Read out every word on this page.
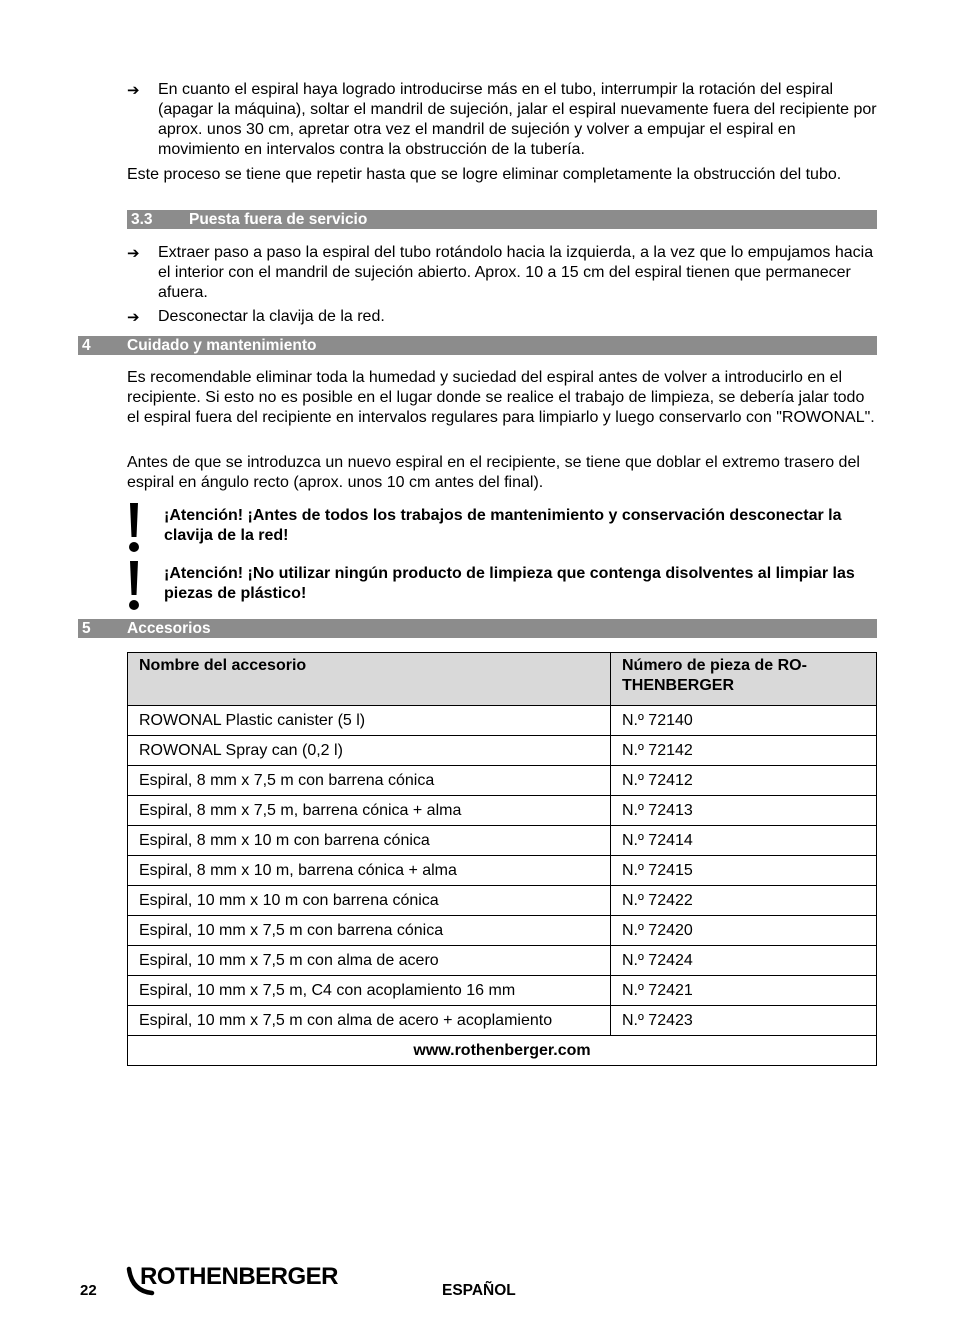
➔ En cuanto el espiral haya logrado introducirse más en el tubo, interrumpir la rotación del espiral (apagar la máquina), soltar el mandril de sujeción, jalar el espiral nuevamente fuera del recipiente por aprox. unos 30 cm, apretar otra vez el mandril de sujeción y volver a empujar el espiral en movimiento en intervalos contra la obstrucción de la tubería.
Este proceso se tiene que repetir hasta que se logre eliminar completamente la obstrucción del tubo.
3.3 Puesta fuera de servicio
➔ Extraer paso a paso la espiral del tubo rotándolo hacia la izquierda, a la vez que lo empujamos hacia el interior con el mandril de sujeción abierto. Aprox. 10 a 15 cm del espiral tienen que permanecer afuera.
➔ Desconectar la clavija de la red.
4 Cuidado y mantenimiento
Es recomendable eliminar toda la humedad y suciedad del espiral antes de volver a introducirlo en el recipiente. Si esto no es posible en el lugar donde se realice el trabajo de limpieza, se debería jalar todo el espiral fuera del recipiente en intervalos regulares para limpiarlo y luego conservarlo con "ROWONAL".
Antes de que se introduzca un nuevo espiral en el recipiente, se tiene que doblar el extremo trasero del espiral en ángulo recto (aprox. unos 10 cm antes del final).
¡Atención! ¡Antes de todos los trabajos de mantenimiento y conservación desconectar la clavija de la red!
¡Atención! ¡No utilizar ningún producto de limpieza que contenga disolventes al limpiar las piezas de plástico!
5 Accesorios
Nombre del accesorio	Número de pieza de RO-THENBERGER
ROWONAL Plastic canister (5 l)	N.º 72140
ROWONAL Spray can (0,2 l)	N.º 72142
Espiral, 8 mm x 7,5 m con barrena cónica	N.º 72412
Espiral, 8 mm x 7,5 m, barrena cónica + alma	N.º 72413
Espiral, 8 mm x 10 m con barrena cónica	N.º 72414
Espiral, 8 mm x 10 m, barrena cónica + alma	N.º 72415
Espiral, 10 mm x 10 m con barrena cónica	N.º 72422
Espiral, 10 mm x 7,5 m con barrena cónica	N.º 72420
Espiral, 10 mm x 7,5 m con alma de acero	N.º 72424
Espiral, 10 mm x 7,5 m, C4 con acoplamiento 16 mm	N.º 72421
Espiral, 10 mm x 7,5 m con alma de acero + acoplamiento	N.º 72423
www.rothenberger.com	
22
ROTHENBERGER
ESPAÑOL
